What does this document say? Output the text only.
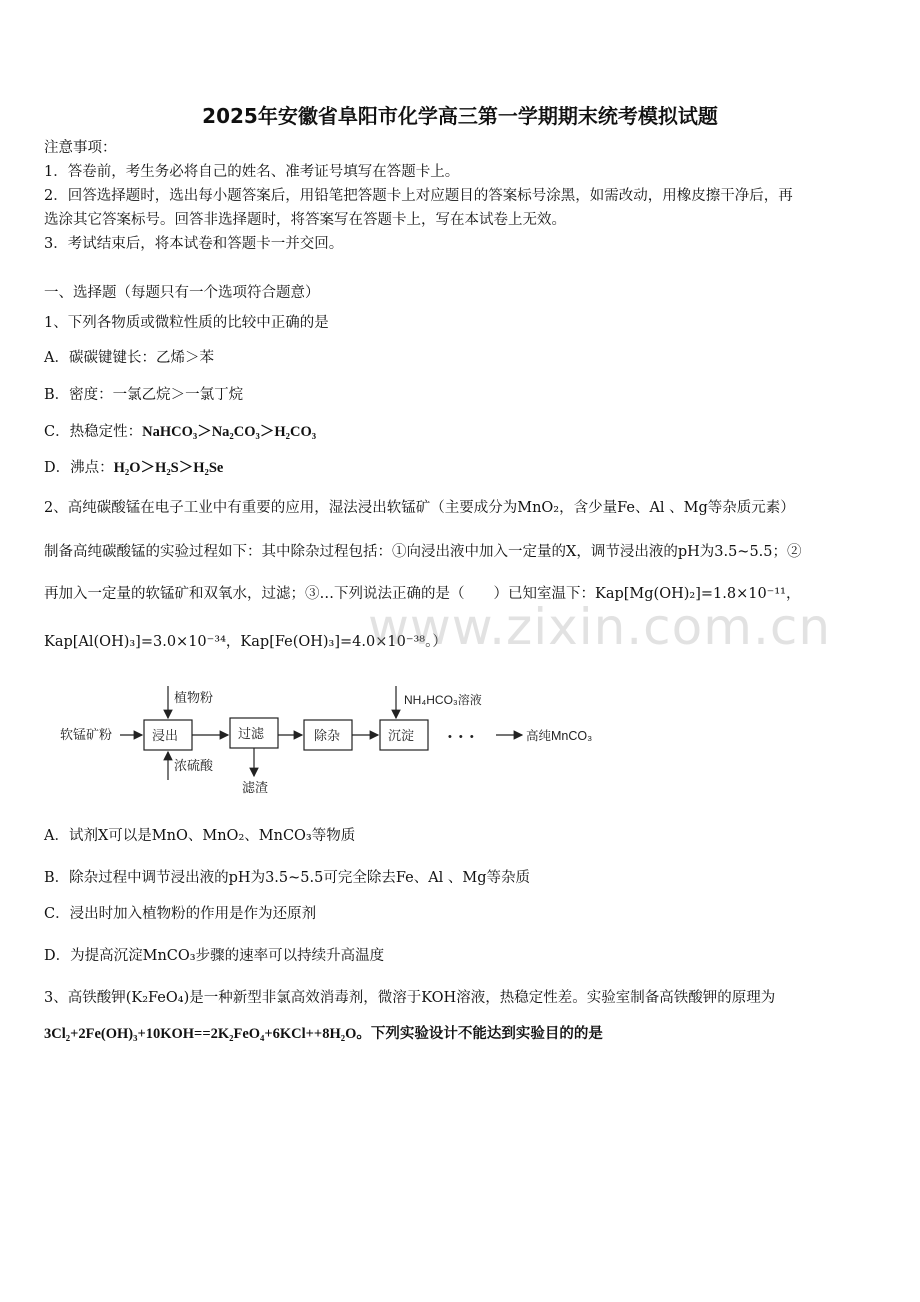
2025年安徽省阜阳市化学高三第一学期期末统考模拟试题
注意事项：
1．答卷前，考生务必将自己的姓名、准考证号填写在答题卡上。
2．回答选择题时，选出每小题答案后，用铅笔把答题卡上对应题目的答案标号涂黑，如需改动，用橡皮擦干净后，再
选涂其它答案标号。回答非选择题时，将答案写在答题卡上，写在本试卷上无效。
3．考试结束后，将本试卷和答题卡一并交回。
一、选择题（每题只有一个选项符合题意）
1、下列各物质或微粒性质的比较中正确的是
A．碳碳键键长：乙烯＞苯
B．密度：一氯乙烷＞一氯丁烷
C．热稳定性：NaHCO₃＞Na₂CO₃＞H₂CO₃
D．沸点：H₂O＞H₂S＞H₂Se
2、高纯碳酸锰在电子工业中有重要的应用，湿法浸出软锰矿（主要成分为MnO₂，含少量Fe、Al 、Mg等杂质元素）
制备高纯碳酸锰的实验过程如下：其中除杂过程包括：①向浸出液中加入一定量的X，调节浸出液的pH为3.5~5.5；②
再加入一定量的软锰矿和双氧水，过滤；③…下列说法正确的是（　　）已知室温下：Kap[Mg(OH)₂]=1.8×10⁻¹¹，
Kap[Al(OH)₃]=3.0×10⁻³⁴，Kap[Fe(OH)₃]=4.0×10⁻³⁸。）
www.zixin.com.cn
软锰矿粉	浸出
植物粉
浓硫酸
过滤
滤渣
除杂	沉淀
NH₄HCO₃溶液
• • •	高纯MnCO₃
A．试剂X可以是MnO、MnO₂、MnCO₃等物质
B．除杂过程中调节浸出液的pH为3.5~5.5可完全除去Fe、Al 、Mg等杂质
C．浸出时加入植物粉的作用是作为还原剂
D．为提高沉淀MnCO₃步骤的速率可以持续升高温度
3、高铁酸钾(K₂FeO₄)是一种新型非氯高效消毒剂，微溶于KOH溶液，热稳定性差。实验室制备高铁酸钾的原理为
3Cl₂+2Fe(OH)₃+10KOH==2K₂FeO₄+6KCl++8H₂O。下列实验设计不能达到实验目的的是
